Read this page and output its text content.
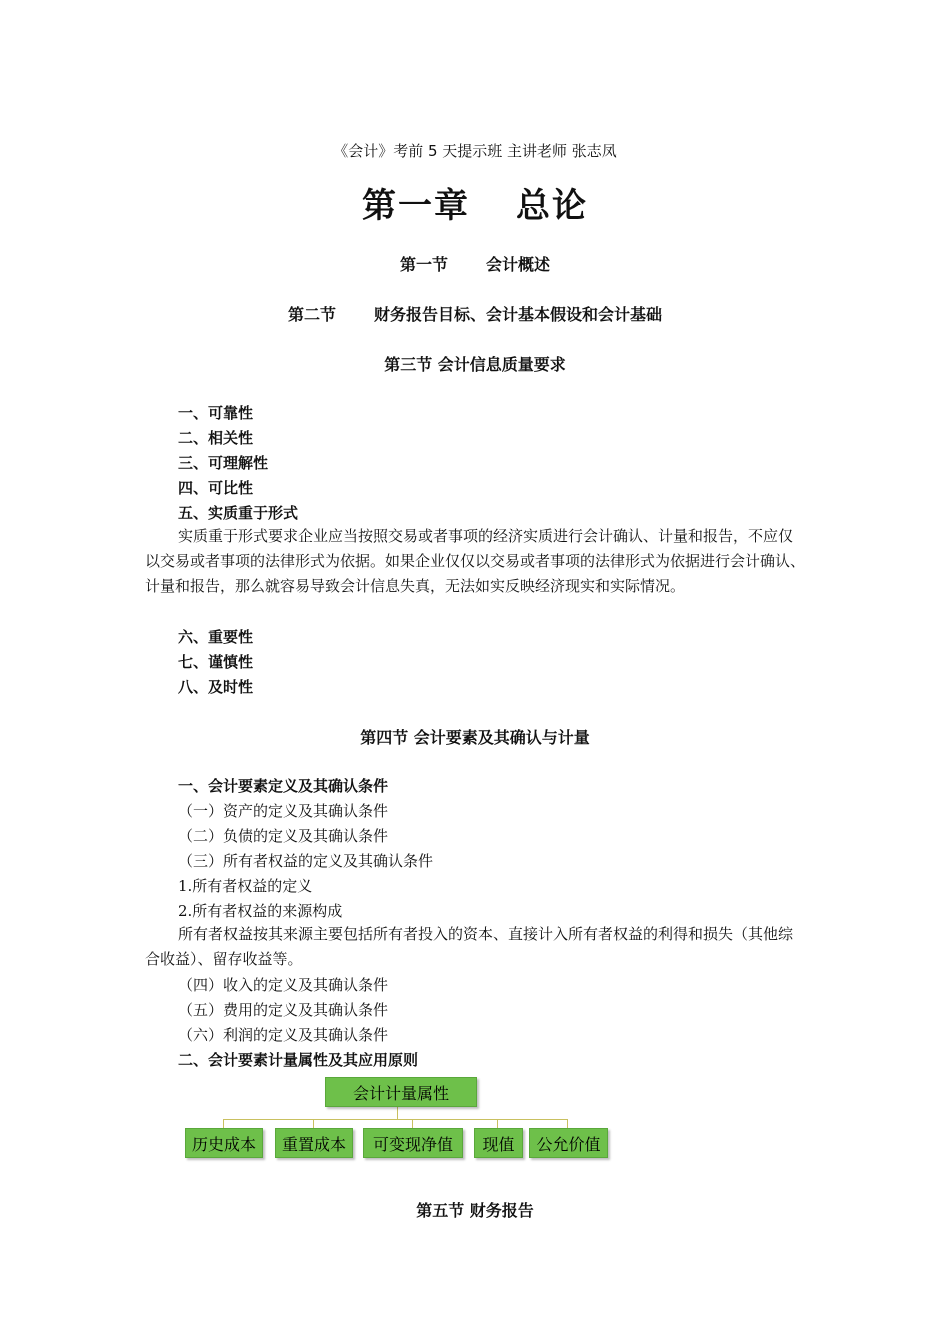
《会计》考前 5 天提示班 主讲老师 张志凤
第一章 总论
第一节 会计概述
第二节 财务报告目标、会计基本假设和会计基础
第三节 会计信息质量要求
一、可靠性
二、相关性
三、可理解性
四、可比性
五、实质重于形式
实质重于形式要求企业应当按照交易或者事项的经济实质进行会计确认、计量和报告，不应仅以交易或者事项的法律形式为依据。如果企业仅仅以交易或者事项的法律形式为依据进行会计确认、计量和报告，那么就容易导致会计信息失真，无法如实反映经济现实和实际情况。
六、重要性
七、谨慎性
八、及时性
第四节 会计要素及其确认与计量
一、会计要素定义及其确认条件
（一）资产的定义及其确认条件
（二）负债的定义及其确认条件
（三）所有者权益的定义及其确认条件
1.所有者权益的定义
2.所有者权益的来源构成
所有者权益按其来源主要包括所有者投入的资本、直接计入所有者权益的利得和损失（其他综合收益）、留存收益等。
（四）收入的定义及其确认条件
（五）费用的定义及其确认条件
（六）利润的定义及其确认条件
二、会计要素计量属性及其应用原则
会计计量属性
历史成本	重置成本	可变现净值	现值	公允价值
第五节 财务报告
